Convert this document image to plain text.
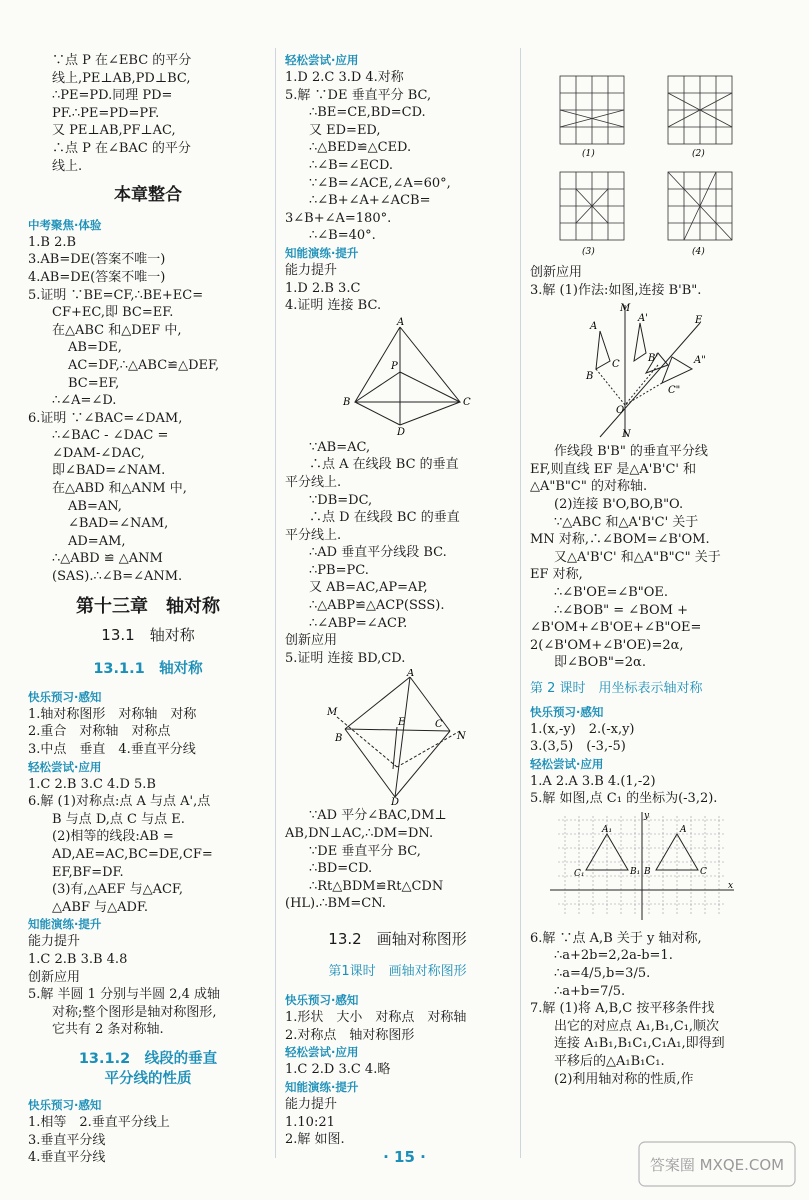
∵点 P 在∠EBC 的平分
线上,PE⊥AB,PD⊥BC,
∴PE=PD.同理 PD=
PF.∴PE=PD=PF.
又 PE⊥AB,PF⊥AC,
∴点 P 在∠BAC 的平分
线上.
本章整合
中考聚焦·体验
1.B 2.B
3.AB=DE(答案不唯一)
4.AB=DE(答案不唯一)
5.证明 ∵BE=CF,∴BE+EC=
CF+EC,即 BC=EF.
在△ABC 和△DEF 中,
AB=DE,
AC=DF,∴△ABC≌△DEF,
BC=EF,
∴∠A=∠D.
6.证明 ∵∠BAC=∠DAM,
∴∠BAC - ∠DAC =
∠DAM-∠DAC,
即∠BAD=∠NAM.
在△ABD 和△ANM 中,
AB=AN,
∠BAD=∠NAM,
AD=AM,
∴△ABD ≌ △ANM
(SAS).∴∠B=∠ANM.
第十三章　轴对称
13.1　轴对称
13.1.1　轴对称
快乐预习·感知
1.轴对称图形　对称轴　对称
2.重合　对称轴　对称点
3.中点　垂直　4.垂直平分线
轻松尝试·应用
1.C 2.B 3.C 4.D 5.B
6.解 (1)对称点:点 A 与点 A',点
B 与点 D,点 C 与点 E.
(2)相等的线段:AB =
AD,AE=AC,BC=DE,CF=
EF,BF=DF.
(3)有,△AEF 与△ACF,
△ABF 与△ADF.
知能演练·提升
能力提升
1.C 2.B 3.B 4.8
创新应用
5.解 半圆 1 分别与半圆 2,4 成轴
对称;整个图形是轴对称图形,
它共有 2 条对称轴.
13.1.2　线段的垂直
平分线的性质
快乐预习·感知
1.相等　2.垂直平分线上
3.垂直平分线
4.垂直平分线
轻松尝试·应用
1.D 2.C 3.D 4.对称
5.解 ∵DE 垂直平分 BC,
∴BE=CE,BD=CD.
又 ED=ED,
∴△BED≌△CED.
∴∠B=∠ECD.
∵∠B=∠ACE,∠A=60°,
∴∠B+∠A+∠ACB=
3∠B+∠A=180°.
∴∠B=40°.
知能演练·提升
能力提升
1.D 2.B 3.C
4.证明 连接 BC.
A
P
B	C
D
∵AB=AC,
∴点 A 在线段 BC 的垂直
平分线上.
∵DB=DC,
∴点 D 在线段 BC 的垂直
平分线上.
∴AD 垂直平分线段 BC.
∴PB=PC.
又 AB=AC,AP=AP,
∴△ABP≌△ACP(SSS).
∴∠ABP=∠ACP.
创新应用
5.证明 连接 BD,CD.
A
M
B
E	C
N
D
∵AD 平分∠BAC,DM⊥
AB,DN⊥AC,∴DM=DN.
∵DE 垂直平分 BC,
∴BD=CD.
∴Rt△BDM≌Rt△CDN
(HL).∴BM=CN.
13.2　画轴对称图形
第1课时　画轴对称图形
快乐预习·感知
1.形状　大小　对称点　对称轴
2.对称点　轴对称图形
轻松尝试·应用
1.C 2.D 3.C 4.略
知能演练·提升
能力提升
1.10:21
2.解 如图.
(1)	(2)
(3)	(4)
创新应用
3.解 (1)作法:如图,连接 B'B".
M
E
A
A'
B
C
B'	A"
C"
O
N
作线段 B'B" 的垂直平分线
EF,则直线 EF 是△A'B'C' 和
△A"B"C" 的对称轴.
(2)连接 B'O,BO,B"O.
∵△ABC 和△A'B'C' 关于
MN 对称,∴∠BOM=∠B'OM.
又△A'B'C' 和△A"B"C" 关于
EF 对称,
∴∠B'OE=∠B"OE.
∴∠BOB" = ∠BOM +
∠B'OM+∠B'OE+∠B"OE=
2(∠B'OM+∠B'OE)=2α,
即∠BOB"=2α.
第 2 课时　用坐标表示轴对称
快乐预习·感知
1.(x,-y)　2.(-x,y)
3.(3,5)　(-3,-5)
轻松尝试·应用
1.A 2.A 3.B 4.(1,-2)
5.解 如图,点 C₁ 的坐标为(-3,2).
A₁	A
C₁	B₁ B	C
y
x
6.解 ∵点 A,B 关于 y 轴对称,
∴a+2b=2,2a-b=1.
∴a=4/5,b=3/5.
∴a+b=7/5.
7.解 (1)将 A,B,C 按平移条件找
出它的对应点 A₁,B₁,C₁,顺次
连接 A₁B₁,B₁C₁,C₁A₁,即得到
平移后的△A₁B₁C₁.
(2)利用轴对称的性质,作
· 15 ·	答案圈 MXQE.COM
